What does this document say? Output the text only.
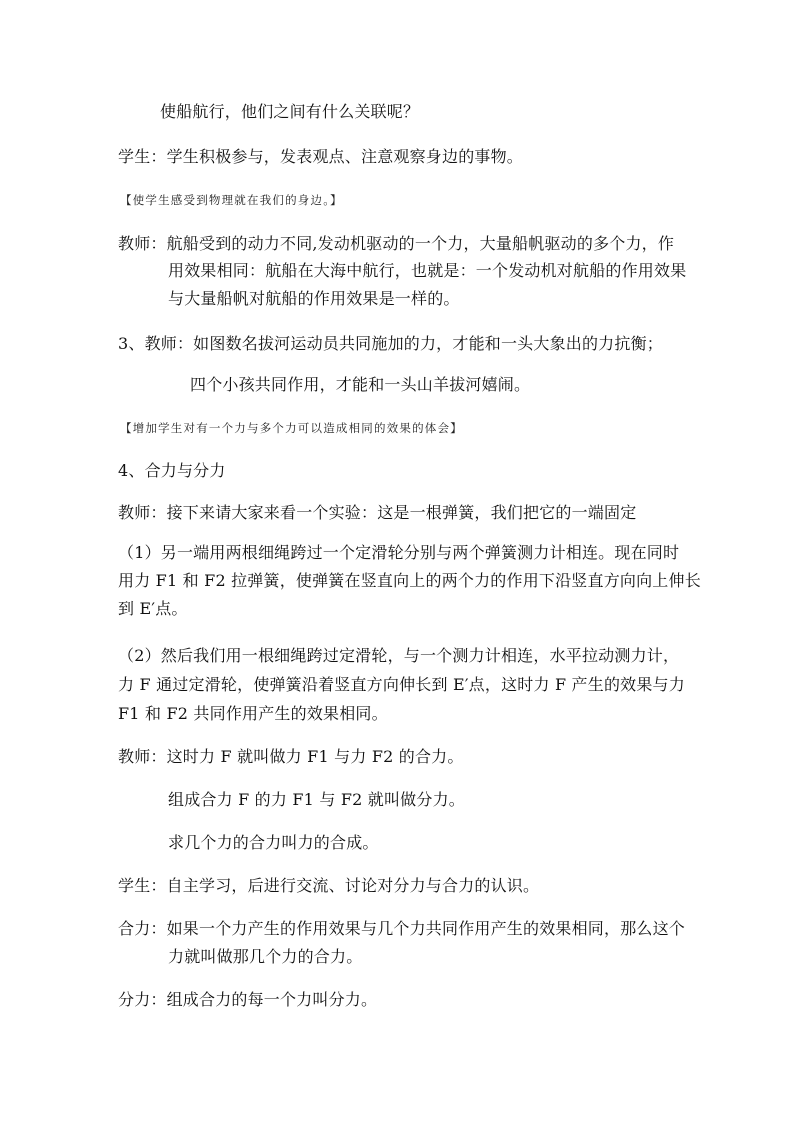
使船航行，他们之间有什么关联呢？
学生：学生积极参与，发表观点、注意观察身边的事物。
【使学生感受到物理就在我们的身边。】
教师：航船受到的动力不同,发动机驱动的一个力，大量船帆驱动的多个力，作
用效果相同：航船在大海中航行，也就是：一个发动机对航船的作用效果
与大量船帆对航船的作用效果是一样的。
3、教师：如图数名拔河运动员共同施加的力，才能和一头大象出的力抗衡；
四个小孩共同作用，才能和一头山羊拔河嬉闹。
【增加学生对有一个力与多个力可以造成相同的效果的体会】
4、合力与分力
教师：接下来请大家来看一个实验：这是一根弹簧，我们把它的一端固定
（1）另一端用两根细绳跨过一个定滑轮分别与两个弹簧测力计相连。现在同时
用力 F1 和 F2 拉弹簧，使弹簧在竖直向上的两个力的作用下沿竖直方向向上伸长
到 E′点。
（2）然后我们用一根细绳跨过定滑轮，与一个测力计相连，水平拉动测力计，
力 F 通过定滑轮，使弹簧沿着竖直方向伸长到 E′点，这时力 F 产生的效果与力
F1 和 F2 共同作用产生的效果相同。
教师：这时力 F 就叫做力 F1 与力 F2 的合力。
组成合力 F 的力 F1 与 F2 就叫做分力。
求几个力的合力叫力的合成。
学生：自主学习，后进行交流、讨论对分力与合力的认识。
合力：如果一个力产生的作用效果与几个力共同作用产生的效果相同，那么这个
力就叫做那几个力的合力。
分力：组成合力的每一个力叫分力。
